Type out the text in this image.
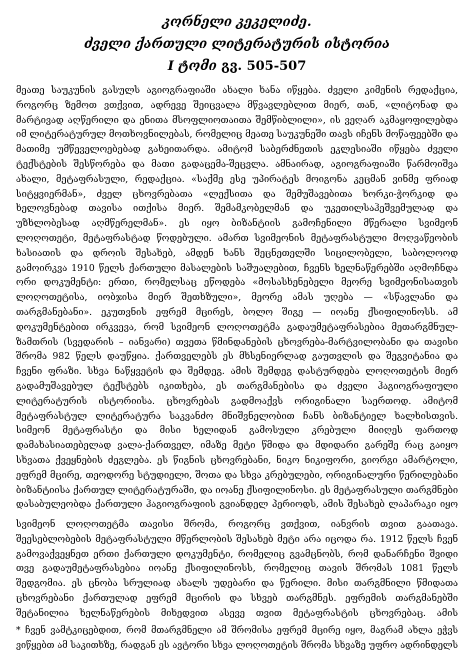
კორნელი კეკელიძე.
ძველი ქართული ლიტერატურის ისტორია
I ტომი გვ. 505-507

მეათე საუკუნის გასულს აგიოგრაფიაში ახალი ხანა იწყება. ძველი კიმენის რედაქცია, როგორც ზემოთ ვთქვით, ადრევე შეიცვალა მწვავლებლით მიერ, თან, «ლიტონად და მარტივად აღწერილი და ენითა მსოფლიოთაითა შემწიბლილი», ის ვეღარ აკმაყოფილებდა იმ ლიტერატურულ მოთხოვნილებას, რომელიც მეათე საუკუნეში თავს იჩენს მოწაფეებში და მათიმე უმწეველოებებად გახეითარდა. ამიტომ საბერძნეთის ეკლესიაში იწყება ძველი ტექსტების შესწორება და მათი გადაცემა-შეცვლა. ამნაირად, აგიოგრაფიაში წარმოიშვა ახალი, მეტაფრასული, რედაქცია. «საქმე ესე უპირატეს მოიგონა კეცმან ვინმე ფრიად სიტყვიერმან», ძველ ცხოვრებათა «ლექსითა და შემუშავებითა ხორკი-ჭორკიდ და ხელოვნებად თავისა ითქისა მიერ. შემამკობელმან და უკეთილსაჰეშვემულად და უზხლობესად აღმწერელმან». ეს იყო ბიზანტიის გამოჩენილი მწერალი სვიმეონ ლოღოთეტი, მეტაფრასტად წოდებული. ამართ სვიმეონის მეტაფრასტული მოღვაწეობის ხასიათის და დროის შესახებ, ამდენ ხანს შეცნეთელში სიცილობელი, საბოლოოდ გამოირკვა 1910 წელს ქართული მასალების საშუალებით, ჩვენს ხელნაწერებში აღმოჩნდა ორი დოკუმენტი: ერთი, რომელსაც ეწოდება «მოსასხენებელი მეორე სვიმეონისათვის ლოღოთეტისა, იობჯისა მიერ შეთხზული», მეორე ამას უღება — «სწავლანი და თარგმანებანი». ეკუთვნის ეფრემ მცირეს, ბოლო შიგე — იოანე ქსიფილინოსს. ამ დოკუმენტებით ირკვევა, რომ სვიმეონ ლოღოთეტმა გადაუმეტაფრასებია მეთარგმნულ-ზამთრის (სვედარის – იანვარი) თვეთა წმინდანების ცხოვრება-მარტვილობანი და თავისი შრომა 982 წელს დაუწყია. ქართველებს ეს მხსენიერლად გაუთვლის და შეგვიტანია და ჩვენი ფრაზი. სხვა ნაწყვეტის და შემდეგ. ამის შემდეგ დასტურდება ლოღოთეტის მიერ გადამუშავებულ ტექსტებს იკითხება, ეს თარგმანებისა და ძველი ჰაგიოგრაფიული ლიტერატურის ისტორიისა. ცხოვრებას გადმოაქვს ორიგინალი საერთოდ. ამიტომ მეტაფრასტულ ლიტერატურა საკვანძო მნიშვნელობით ჩანს ბიზანტიელ ხალხისთვის. სიმეონ მეტაფრასტი და მისი ხელიდან გამოსული კრებული მიიღეს ფართოდ დამახასიათებელად ვალა-ქართველ, იმაზე მეტი წმიდა და მდიდარი გარეშე რაც გაიყო სხვათა ქვეყნების ძეგლება. ეს წიგნის ცხოვრებანი, ნიკო ნიკიფორი, გიორგი ამარტოლი, ეფრემ მცირე, თეოდორე სტუდიელი, შოთა და სხვა კრებულები, ორიგინალური წერილებანი ბიზანტიისა ქართულ ლიტერატურაში, და იოანე ქსიფილინოსი. ეს მეტაფრასული თარგმნები დასაბულეობდა ქართული ჰაგიოგრაფიის გვიანდელ პერიოდს, ამის შესახებ ლაპარაკი იყო

სვიმეონ ლოღოთეტმა თავისი შრომა, როგორც ვთქვით, იანვრის თვით გაათავა. შეესებლობების მეტაფრასტული მწერლობის შესახებ მეტი არა იცოდა რა. 1912 წელს ჩვენ გამოვაქვეყნეთ ერთი ქართული დოკუმენტი, რომელიც გვამცნობს, რომ დანარჩენი შვიდი თვე გადაუმეტაფრასებია იოანე ქსიფილინოსს, რომელიც თავის შრომას 1081 წელს შედგომია. ეს ცნობა სრულიად ახალს უდებარი და წერილი. მისი თარგმნილი წმიდათა ცხოვრებანი ქართულად ეფრემ მცირის და სხვებ თარგმნეს. ეფრემის თარგმანებში შეტანილია ხელნაწერების მიხედვით ასევე თვით მეტაფრასტის ცხოვრებაც. ამის

* ჩვენ ვამტკიცებდით, რომ მთარგმნელი ამ შრომისა ეფრემ მცირე იყო, მაგრამ ახლა ეჭვს ვიწყებთ ამ საკითხზე, რადგან ეს ავტორი სხვა ლოღოთეტის შრომა სხვაზე უფრო ადრინდელს
